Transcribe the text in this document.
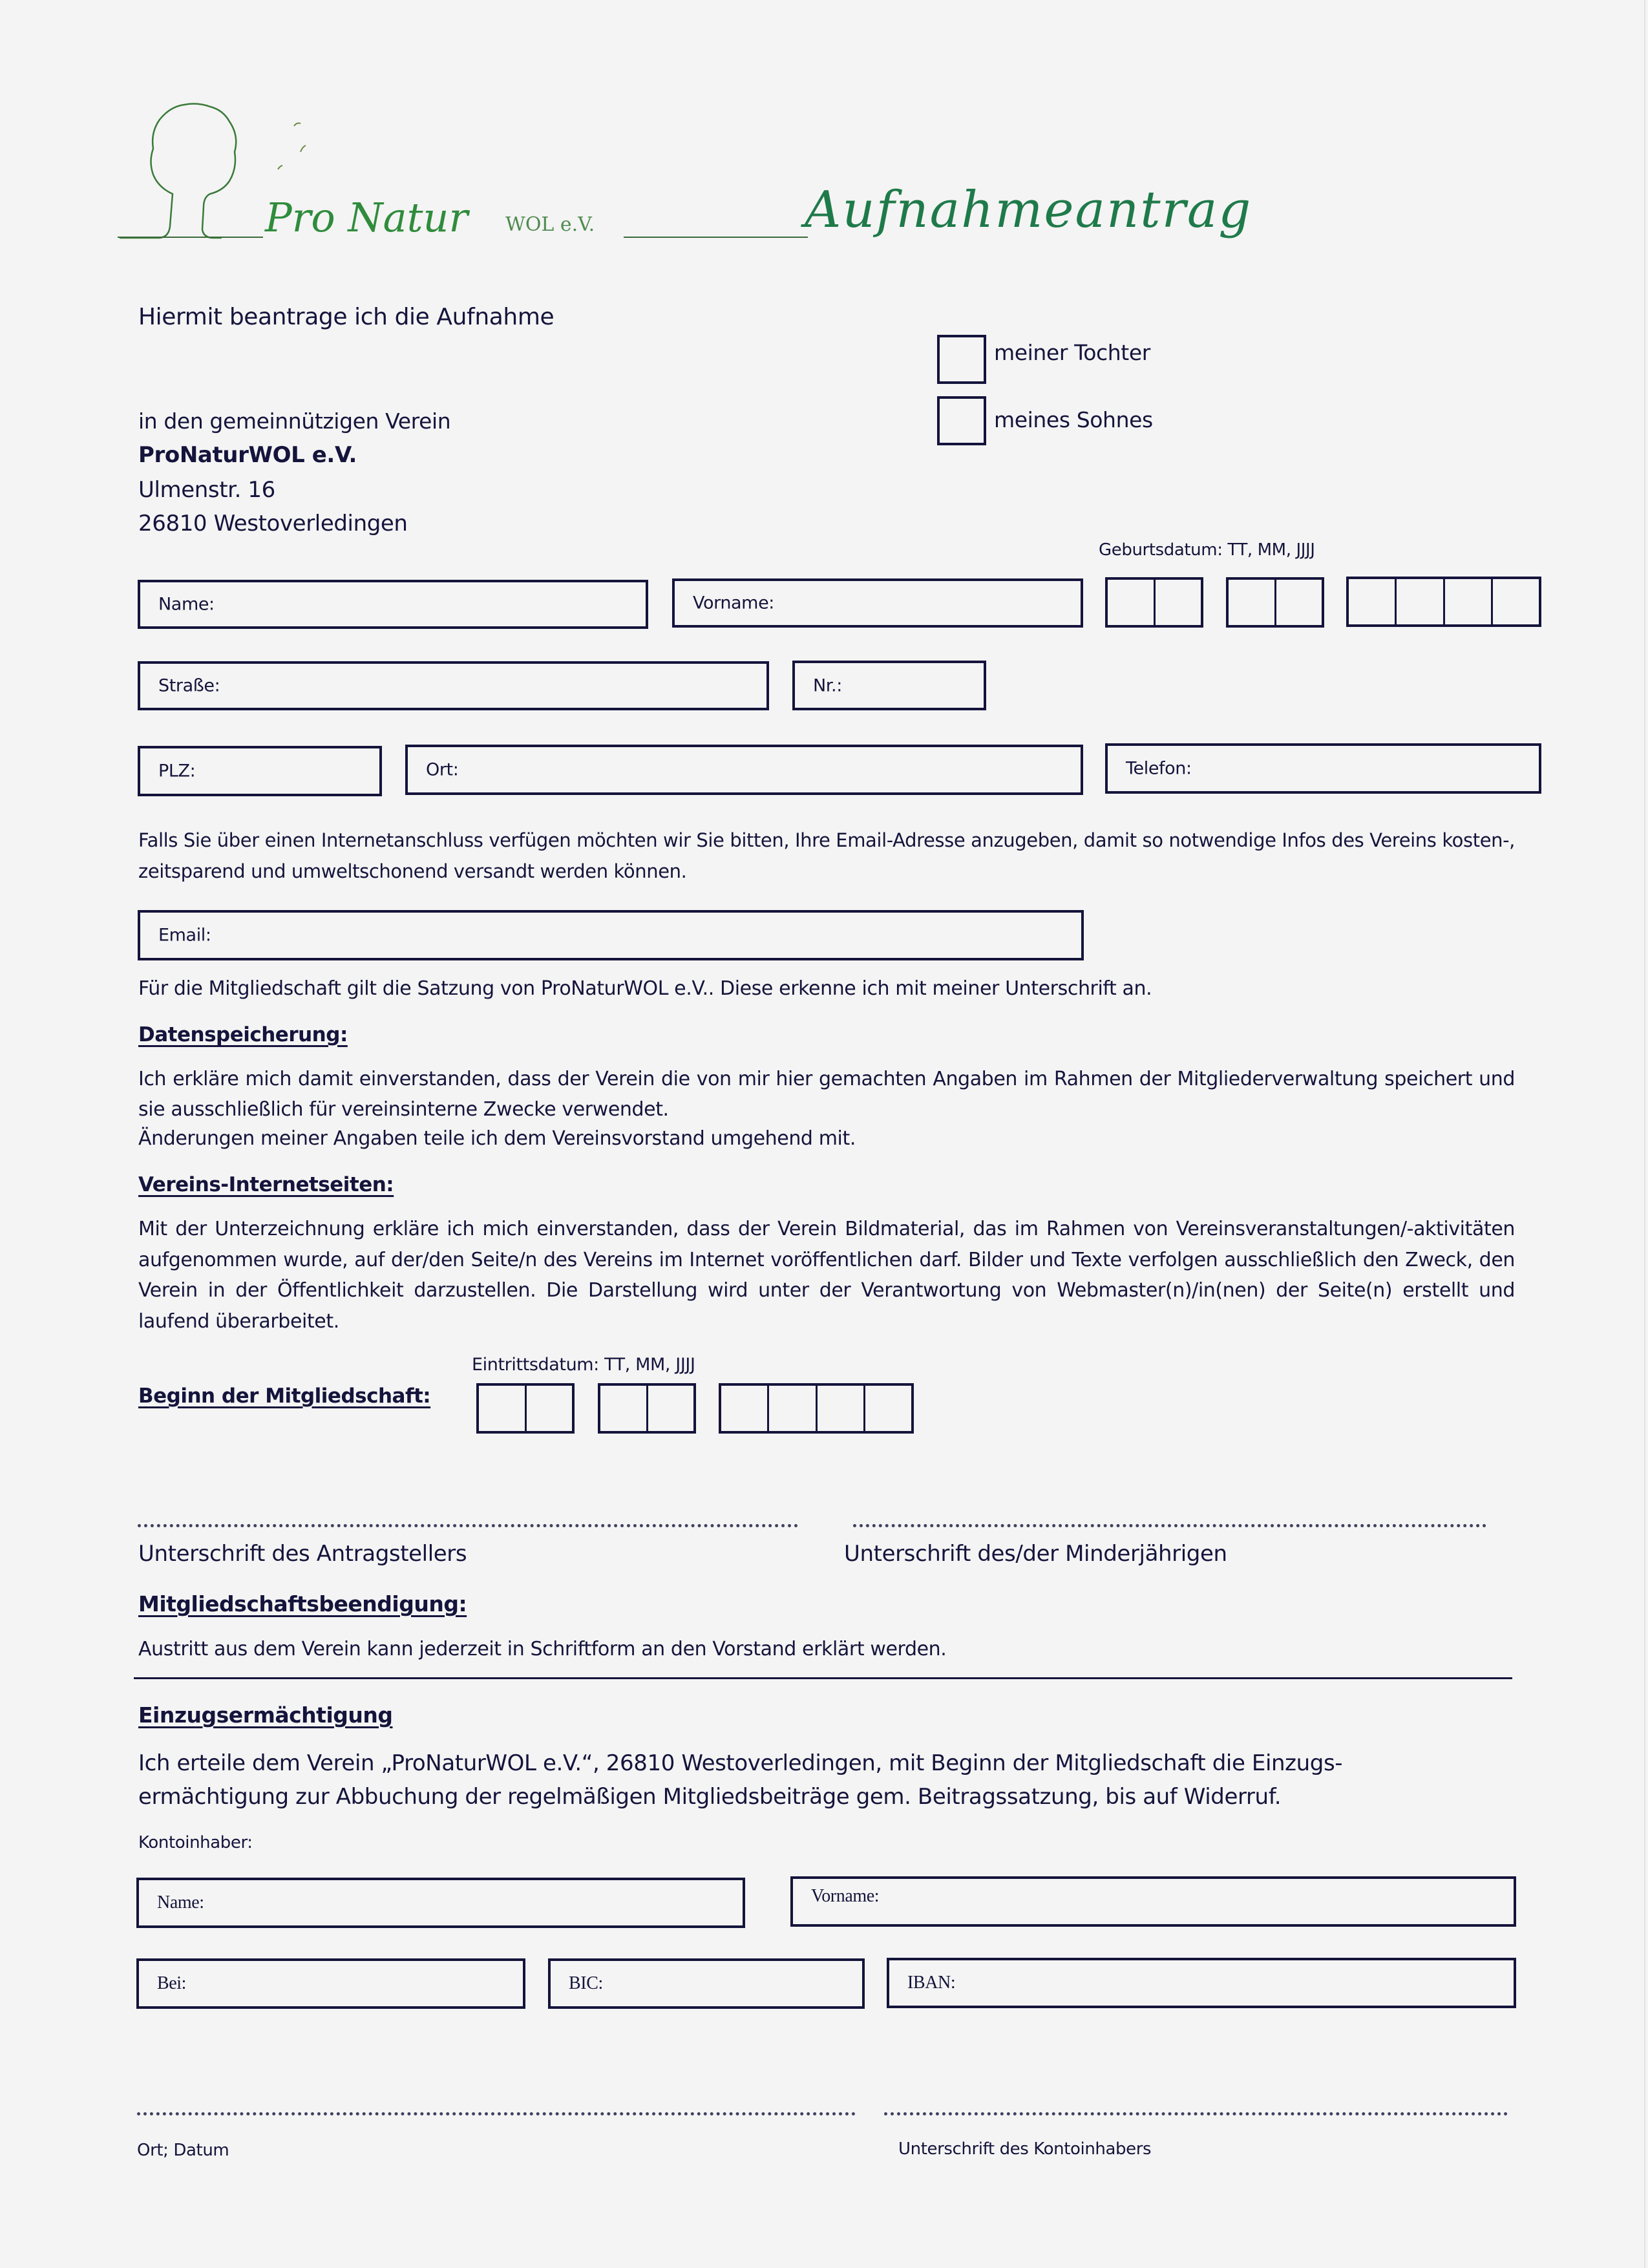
Pro Natur WOL e.V.	Aufnahmeantrag
Hiermit beantrage ich die Aufnahme
in den gemeinnützigen Verein
ProNaturWOL e.V.
Ulmenstr. 16
26810 Westoverledingen
meiner Tochter
meines Sohnes
Geburtsdatum: TT, MM, JJJJ
Name:	Vorname:
Straße:	Nr.:
PLZ:	Ort:	Telefon:
Falls Sie über einen Internetanschluss verfügen möchten wir Sie bitten, Ihre Email-Adresse anzugeben, damit so notwendige Infos des Vereins kosten-, zeitsparend und umweltschonend versandt werden können.
Email:
Für die Mitgliedschaft gilt die Satzung von ProNaturWOL e.V.. Diese erkenne ich mit meiner Unterschrift an.
Datenspeicherung:
Ich erkläre mich damit einverstanden, dass der Verein die von mir hier gemachten Angaben im Rahmen der Mitgliederverwaltung speichert und sie ausschließlich für vereinsinterne Zwecke verwendet.
Änderungen meiner Angaben teile ich dem Vereinsvorstand umgehend mit.
Vereins-Internetseiten:
Mit der Unterzeichnung erkläre ich mich einverstanden, dass der Verein Bildmaterial, das im Rahmen von Vereinsveranstaltungen/-aktivitäten aufgenommen wurde, auf der/den Seite/n des Vereins im Internet voröffentlichen darf. Bilder und Texte verfolgen ausschließlich den Zweck, den Verein in der Öffentlichkeit darzustellen. Die Darstellung wird unter der Verantwortung von Webmaster(n)/in(nen) der Seite(n) erstellt und laufend überarbeitet.
Eintrittsdatum: TT, MM, JJJJ
Beginn der Mitgliedschaft:
Unterschrift des Antragstellers	Unterschrift des/der Minderjährigen
Mitgliedschaftsbeendigung:
Austritt aus dem Verein kann jederzeit in Schriftform an den Vorstand erklärt werden.
Einzugsermächtigung
Ich erteile dem Verein „ProNaturWOL e.V.“, 26810 Westoverledingen, mit Beginn der Mitgliedschaft die Einzugs-
ermächtigung zur Abbuchung der regelmäßigen Mitgliedsbeiträge gem. Beitragssatzung, bis auf Widerruf.
Kontoinhaber:
Name:	Vorname:
Bei:	BIC:	IBAN:
Ort; Datum	Unterschrift des Kontoinhabers
